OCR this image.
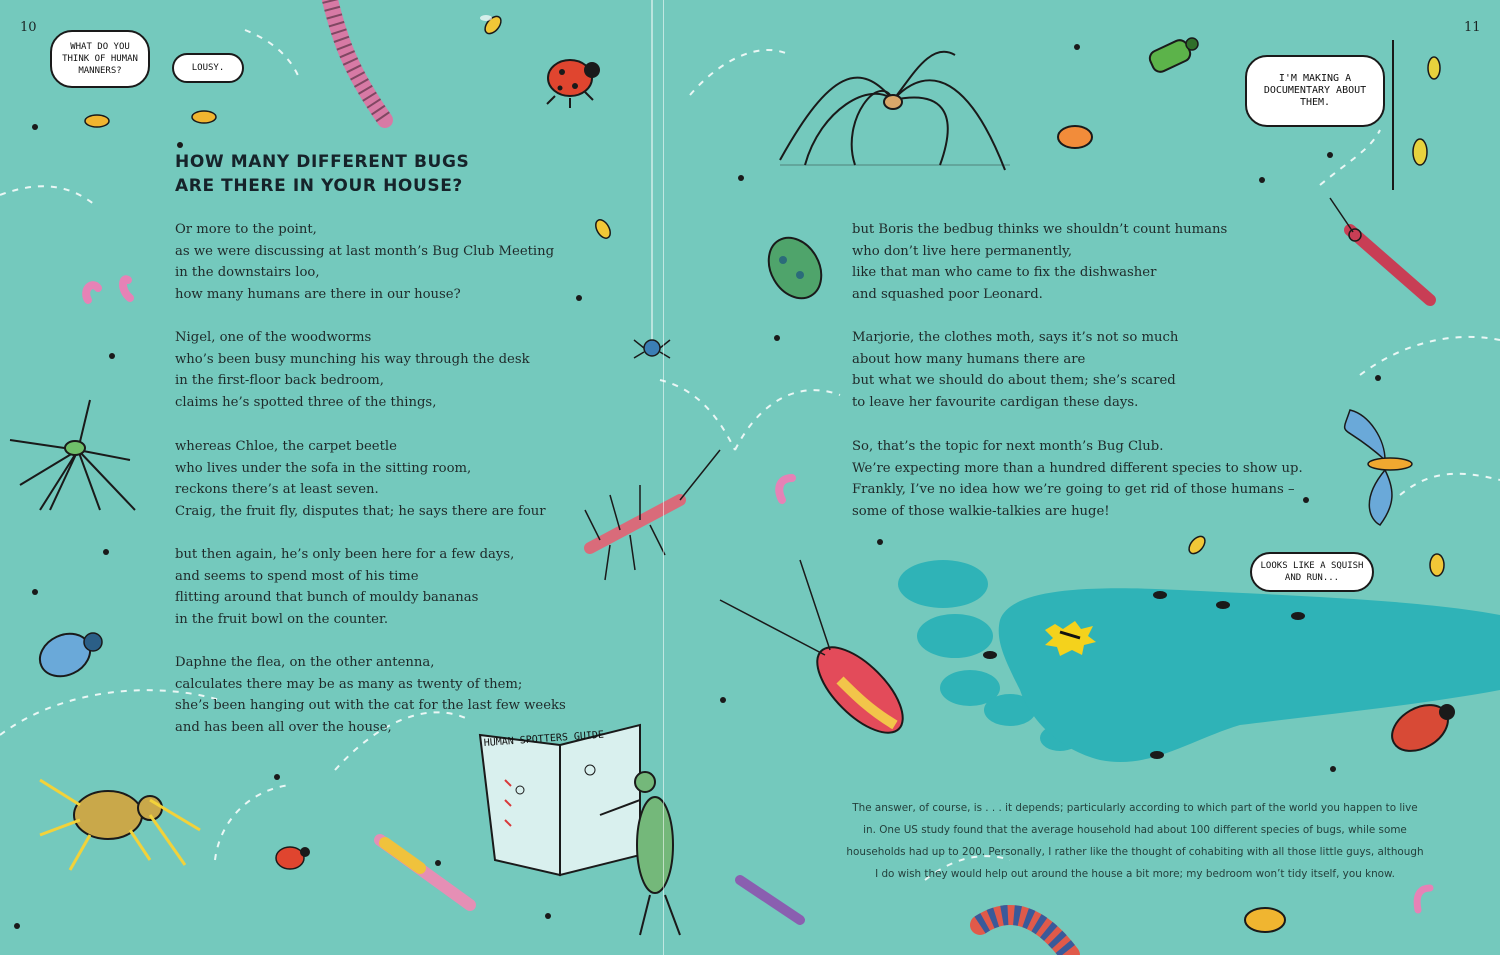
10	11
WHAT DO YOU THINK OF HUMAN MANNERS?	LOUSY.
I'M MAKING A DOCUMENTARY ABOUT THEM.
LOOKS LIKE A SQUISH AND RUN...
HUMAN SPOTTERS GUIDE
HOW MANY DIFFERENT BUGS
ARE THERE IN YOUR HOUSE?

Or more to the point,
as we were discussing at last month’s Bug Club Meeting
in the downstairs loo,
how many humans are there in our house?

Nigel, one of the woodworms
who’s been busy munching his way through the desk
in the first-floor back bedroom,
claims he’s spotted three of the things,

whereas Chloe, the carpet beetle
who lives under the sofa in the sitting room,
reckons there’s at least seven.
Craig, the fruit fly, disputes that; he says there are four

but then again, he’s only been here for a few days,
and seems to spend most of his time
flitting around that bunch of mouldy bananas
in the fruit bowl on the counter.

Daphne the flea, on the other antenna,
calculates there may be as many as twenty of them;
she’s been hanging out with the cat for the last few weeks
and has been all over the house,

but Boris the bedbug thinks we shouldn’t count humans
who don’t live here permanently,
like that man who came to fix the dishwasher
and squashed poor Leonard.

Marjorie, the clothes moth, says it’s not so much
about how many humans there are
but what we should do about them; she’s scared
to leave her favourite cardigan these days.

So, that’s the topic for next month’s Bug Club.
We’re expecting more than a hundred different species to show up.
Frankly, I’ve no idea how we’re going to get rid of those humans –
some of those walkie-talkies are huge!

The answer, of course, is . . . it depends; particularly according to which part of the world you happen to live in. One US study found that the average household had about 100 different species of bugs, while some households had up to 200. Personally, I rather like the thought of cohabiting with all those little guys, although I do wish they would help out around the house a bit more; my bedroom won’t tidy itself, you know.
